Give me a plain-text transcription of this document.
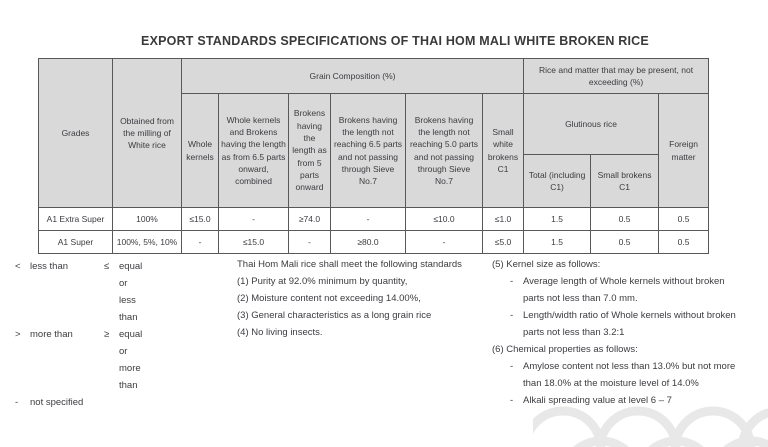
EXPORT STANDARDS SPECIFICATIONS OF THAI HOM MALI WHITE BROKEN RICE
Grades	Obtained from the milling of White rice	Grain Composition (%)						Rice and matter that may be present, not exceeding (%)		
		Whole kernels	Whole kernels and Brokens having the length as from 6.5 parts onward, combined	Brokens having the length as from 5 parts onward	Brokens having the length not reaching 6.5 parts and not passing through Sieve No.7	Brokens having the length not reaching 5.0 parts and not passing through Sieve No.7	Small white brokens C1	Glutinous rice		Foreign matter
								Total (including C1)	Small brokens C1	
A1 Extra Super	100%	≤15.0	-	≥74.0	-	≤10.0	≤1.0	1.5	0.5	0.5
A1 Super	100%, 5%, 10%	-	≤15.0	-	≥80.0	-	≤5.0	1.5	0.5	0.5
< less than	≤	equal or less than
> more than	≥	equal or more than
-	not specified
Thai Hom Mali rice shall meet the following standards
(1) Purity at 92.0% minimum by quantity,
(2) Moisture content not exceeding 14.00%,
(3) General characteristics as a long grain rice
(4) No living insects.
(5) Kernel size as follows:
-	Average length of Whole kernels without broken parts not less than 7.0 mm.
-	Length/width ratio of Whole kernels without broken parts not less than 3.2:1
(6) Chemical properties as follows:
-	Amylose content not less than 13.0% but not more than 18.0% at the moisture level of 14.0%
-	Alkali spreading value at level 6 – 7
